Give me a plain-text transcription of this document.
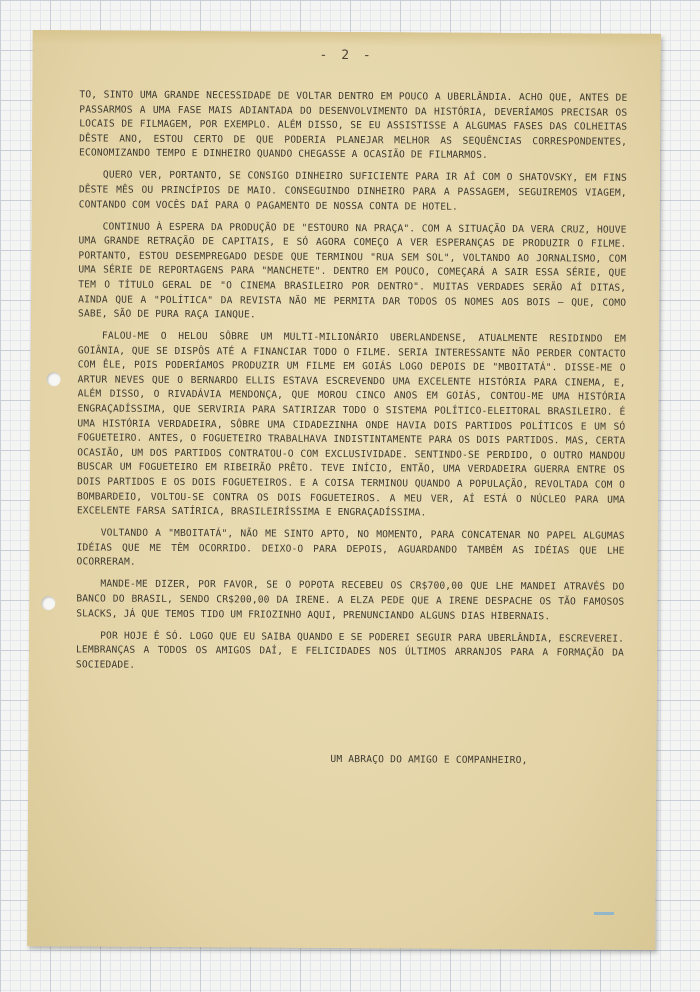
- 2 -

TO, SINTO UMA GRANDE NECESSIDADE DE VOLTAR DENTRO EM POUCO A UBERLÂNDIA. ACHO QUE, ANTES DE PASSARMOS A UMA FASE MAIS ADIANTADA DO DESENVOLVIMENTO DA HISTÓRIA, DEVERÍAMOS PRECISAR OS LOCAIS DE FILMAGEM, POR EXEMPLO. ALÉM DISSO, SE EU ASSISTISSE A ALGUMAS FASES DAS COLHEITAS DÊSTE ANO, ESTOU CERTO DE QUE PODERIA PLANEJAR MELHOR AS SEQUÊNCIAS CORRESPONDENTES, ECONOMIZANDO TEMPO E DINHEIRO QUANDO CHEGASSE A OCASIÃO DE FILMARMOS.

QUERO VER, PORTANTO, SE CONSIGO DINHEIRO SUFICIENTE PARA IR AÍ COM O SHATOVSKY, EM FINS DÊSTE MÊS OU PRINCÍPIOS DE MAIO. CONSEGUINDO DINHEIRO PARA A PASSAGEM, SEGUIREMOS VIAGEM, CONTANDO COM VOCÊS DAÍ PARA O PAGAMENTO DE NOSSA CONTA DE HOTEL.

CONTINUO À ESPERA DA PRODUÇÃO DE "ESTOURO NA PRAÇA". COM A SITUAÇÃO DA VERA CRUZ, HOUVE UMA GRANDE RETRAÇÃO DE CAPITAIS, E SÓ AGORA COMEÇO A VER ESPERANÇAS DE PRODUZIR O FILME. PORTANTO, ESTOU DESEMPREGADO DESDE QUE TERMINOU "RUA SEM SOL", VOLTANDO AO JORNALISMO, COM UMA SÉRIE DE REPORTAGENS PARA "MANCHETE". DENTRO EM POUCO, COMEÇARÁ A SAIR ESSA SÉRIE, QUE TEM O TÍTULO GERAL DE "O CINEMA BRASILEIRO POR DENTRO". MUITAS VERDADES SERÃO AÍ DITAS, AINDA QUE A "POLÍTICA" DA REVISTA NÃO ME PERMITA DAR TODOS OS NOMES AOS BOIS — QUE, COMO SABE, SÃO DE PURA RAÇA IANQUE.

FALOU-ME O HELOU SÔBRE UM MULTI-MILIONÁRIO UBERLANDENSE, ATUALMENTE RESIDINDO EM GOIÂNIA, QUE SE DISPÔS ATÉ A FINANCIAR TODO O FILME. SERIA INTERESSANTE NÃO PERDER CONTACTO COM ÊLE, POIS PODERÍAMOS PRODUZIR UM FILME EM GOIÁS LOGO DEPOIS DE "MBOITATÁ". DISSE-ME O ARTUR NEVES QUE O BERNARDO ELLIS ESTAVA ESCREVENDO UMA EXCELENTE HISTÓRIA PARA CINEMA, E, ALÉM DISSO, O RIVADÁVIA MENDONÇA, QUE MOROU CINCO ANOS EM GOIÁS, CONTOU-ME UMA HISTÓRIA ENGRAÇADÍSSIMA, QUE SERVIRIA PARA SATIRIZAR TODO O SISTEMA POLÍTICO-ELEITORAL BRASILEIRO. É UMA HISTÓRIA VERDADEIRA, SÔBRE UMA CIDADEZINHA ONDE HAVIA DOIS PARTIDOS POLÍTICOS E UM SÓ FOGUETEIRO. ANTES, O FOGUETEIRO TRABALHAVA INDISTINTAMENTE PARA OS DOIS PARTIDOS. MAS, CERTA OCASIÃO, UM DOS PARTIDOS CONTRATOU-O COM EXCLUSIVIDADE. SENTINDO-SE PERDIDO, O OUTRO MANDOU BUSCAR UM FOGUETEIRO EM RIBEIRÃO PRÊTO. TEVE INÍCIO, ENTÃO, UMA VERDADEIRA GUERRA ENTRE OS DOIS PARTIDOS E OS DOIS FOGUETEIROS. E A COISA TERMINOU QUANDO A POPULAÇÃO, REVOLTADA COM O BOMBARDEIO, VOLTOU-SE CONTRA OS DOIS FOGUETEIROS. A MEU VER, AÍ ESTÁ O NÚCLEO PARA UMA EXCELENTE FARSA SATÍRICA, BRASILEIRÍSSIMA E ENGRAÇADÍSSIMA.

VOLTANDO A "MBOITATÁ", NÃO ME SINTO APTO, NO MOMENTO, PARA CONCATENAR NO PAPEL ALGUMAS IDÉIAS QUE ME TÊM OCORRIDO. DEIXO-O PARA DEPOIS, AGUARDANDO TAMBÉM AS IDÉIAS QUE LHE OCORRERAM.

MANDE-ME DIZER, POR FAVOR, SE O POPOTA RECEBEU OS CR$700,00 QUE LHE MANDEI ATRAVÉS DO BANCO DO BRASIL, SENDO CR$200,00 DA IRENE. A ELZA PEDE QUE A IRENE DESPACHE OS TÃO FAMOSOS SLACKS, JÁ QUE TEMOS TIDO UM FRIOZINHO AQUI, PRENUNCIANDO ALGUNS DIAS HIBERNAIS.

POR HOJE É SÓ. LOGO QUE EU SAIBA QUANDO E SE PODEREI SEGUIR PARA UBERLÂNDIA, ESCREVEREI. LEMBRANÇAS A TODOS OS AMIGOS DAÍ, E FELICIDADES NOS ÚLTIMOS ARRANJOS PARA A FORMAÇÃO DA SOCIEDADE.

UM ABRAÇO DO AMIGO E COMPANHEIRO,
